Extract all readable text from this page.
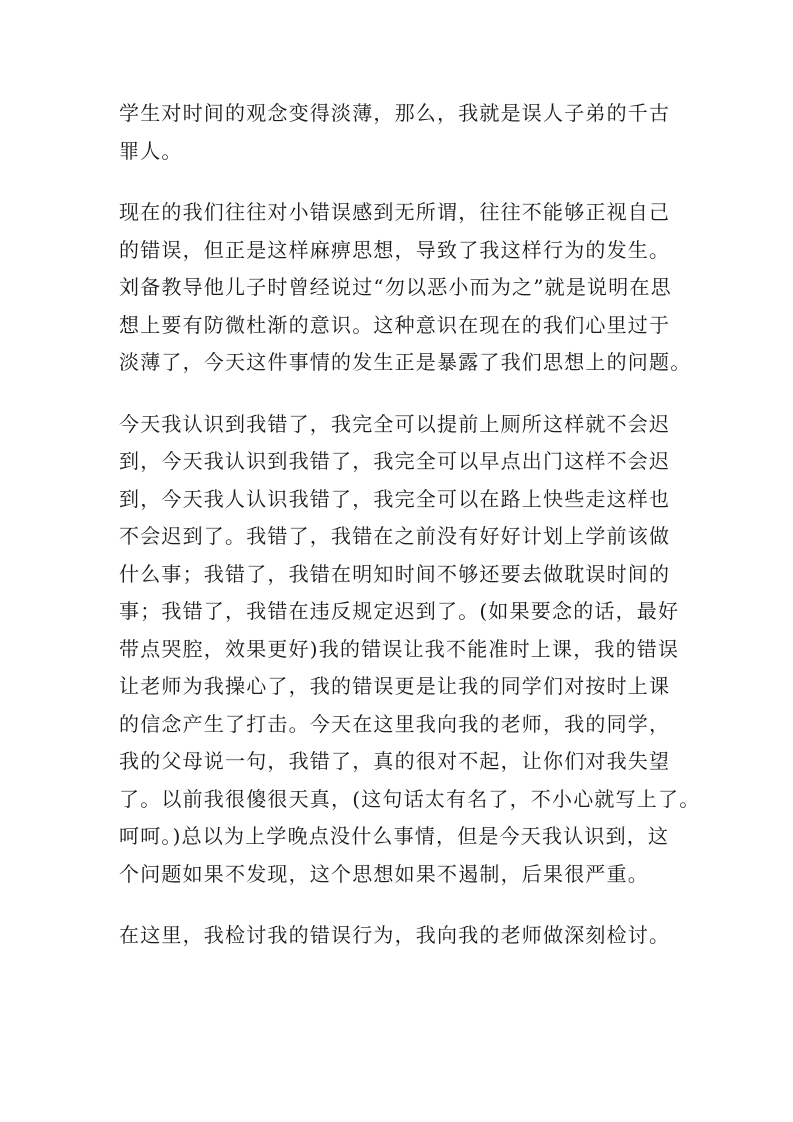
学生对时间的观念变得淡薄，那么，我就是误人子弟的千古
罪人。
现在的我们往往对小错误感到无所谓，往往不能够正视自己
的错误，但正是这样麻痹思想，导致了我这样行为的发生。
刘备教导他儿子时曾经说过“勿以恶小而为之”就是说明在思
想上要有防微杜渐的意识。这种意识在现在的我们心里过于
淡薄了，今天这件事情的发生正是暴露了我们思想上的问题。
今天我认识到我错了，我完全可以提前上厕所这样就不会迟
到，今天我认识到我错了，我完全可以早点出门这样不会迟
到，今天我人认识我错了，我完全可以在路上快些走这样也
不会迟到了。我错了，我错在之前没有好好计划上学前该做
什么事；我错了，我错在明知时间不够还要去做耽误时间的
事；我错了，我错在违反规定迟到了。(如果要念的话，最好
带点哭腔，效果更好)我的错误让我不能准时上课，我的错误
让老师为我操心了，我的错误更是让我的同学们对按时上课
的信念产生了打击。今天在这里我向我的老师，我的同学，
我的父母说一句，我错了，真的很对不起，让你们对我失望
了。以前我很傻很天真，(这句话太有名了，不小心就写上了。
呵呵。)总以为上学晚点没什么事情，但是今天我认识到，这
个问题如果不发现，这个思想如果不遏制，后果很严重。
在这里，我检讨我的错误行为，我向我的老师做深刻检讨。
